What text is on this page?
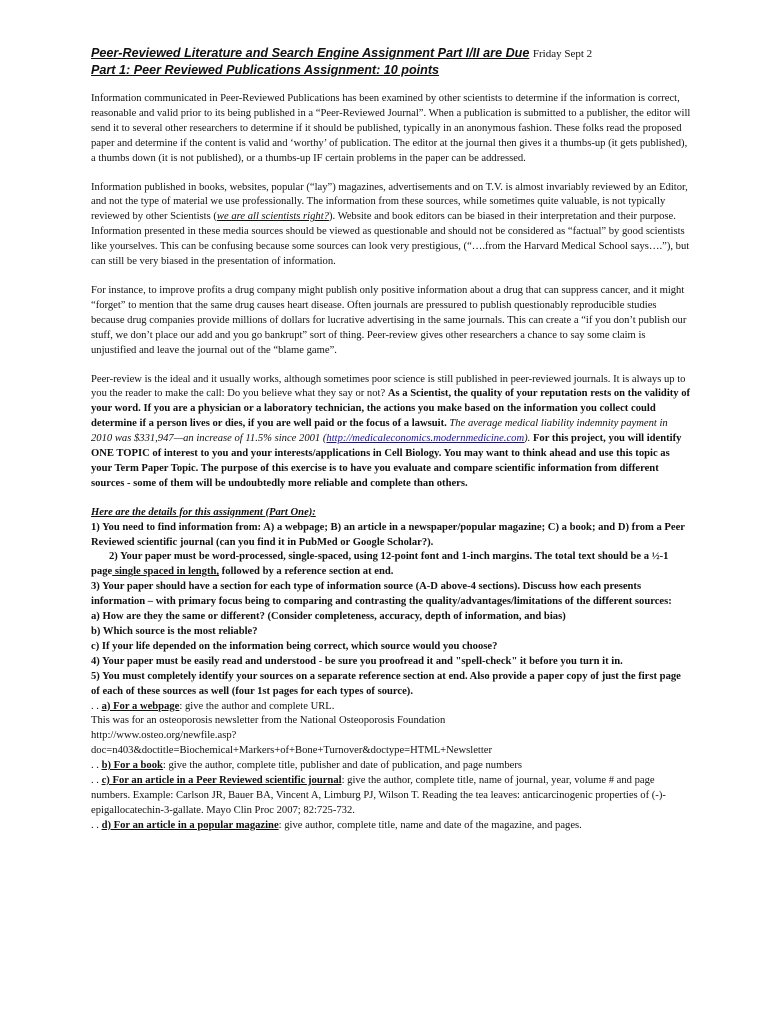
Peer-Reviewed Literature and Search Engine Assignment Part I/II are Due Friday Sept 2
Part 1: Peer Reviewed Publications Assignment: 10 points

Information communicated in Peer-Reviewed Publications has been examined by other scientists to determine if the information is correct, reasonable and valid prior to its being published in a “Peer-Reviewed Journal”. When a publication is submitted to a publisher, the editor will send it to several other researchers to determine if it should be published, typically in an anonymous fashion. These folks read the proposed paper and determine if the content is valid and ‘worthy’ of publication. The editor at the journal then gives it a thumbs-up (it gets published), a thumbs down (it is not published), or a thumbs-up IF certain problems in the paper can be addressed.

Information published in books, websites, popular (“lay”) magazines, advertisements and on T.V. is almost invariably reviewed by an Editor, and not the type of material we use professionally. The information from these sources, while sometimes quite valuable, is not typically reviewed by other Scientists (we are all scientists right?). Website and book editors can be biased in their interpretation and their purpose. Information presented in these media sources should be viewed as questionable and should not be considered as “factual” by good scientists like yourselves. This can be confusing because some sources can look very prestigious, (“….from the Harvard Medical School says….”), but can still be very biased in the presentation of information.

For instance, to improve profits a drug company might publish only positive information about a drug that can suppress cancer, and it might “forget” to mention that the same drug causes heart disease. Often journals are pressured to publish questionably reproducible studies because drug companies provide millions of dollars for lucrative advertising in the same journals. This can create a “if you don’t publish our stuff, we don’t place our add and you go bankrupt” sort of thing. Peer-review gives other researchers a chance to say some claim is unjustified and leave the journal out of the “blame game”.

Peer-review is the ideal and it usually works, although sometimes poor science is still published in peer-reviewed journals. It is always up to you the reader to make the call: Do you believe what they say or not? As a Scientist, the quality of your reputation rests on the validity of your word. If you are a physician or a laboratory technician, the actions you make based on the information you collect could determine if a person lives or dies, if you are well paid or the focus of a lawsuit. The average medical liability indemnity payment in 2010 was $331,947—an increase of 11.5% since 2001 (http://medicaleconomics.modernmedicine.com). For this project, you will identify ONE TOPIC of interest to you and your interests/applications in Cell Biology. You may want to think ahead and use this topic as your Term Paper Topic. The purpose of this exercise is to have you evaluate and compare scientific information from different sources - some of them will be undoubtedly more reliable and complete than others.

Here are the details for this assignment (Part One):
1) You need to find information from: A) a webpage; B) an article in a newspaper/popular magazine; C) a book; and D) from a Peer Reviewed scientific journal (can you find it in PubMed or Google Scholar?).
2) Your paper must be word-processed, single-spaced, using 12-point font and 1-inch margins. The total text should be a ½-1 page single spaced in length, followed by a reference section at end.
3) Your paper should have a section for each type of information source (A-D above-4 sections). Discuss how each presents information – with primary focus being to comparing and contrasting the quality/advantages/limitations of the different sources:
a) How are they the same or different? (Consider completeness, accuracy, depth of information, and bias)
b) Which source is the most reliable?
c) If your life depended on the information being correct, which source would you choose?
4) Your paper must be easily read and understood - be sure you proofread it and "spell-check" it before you turn it in.
5) You must completely identify your sources on a separate reference section at end. Also provide a paper copy of just the first page of each of these sources as well (four 1st pages for each types of source).
. . a) For a webpage: give the author and complete URL.
This was for an osteoporosis newsletter from the National Osteoporosis Foundation
http://www.osteo.org/newfile.asp?
doc=n403&doctitle=Biochemical+Markers+of+Bone+Turnover&doctype=HTML+Newsletter
. . b) For a book: give the author, complete title, publisher and date of publication, and page numbers
. . c) For an article in a Peer Reviewed scientific journal: give the author, complete title, name of journal, year, volume # and page numbers. Example: Carlson JR, Bauer BA, Vincent A, Limburg PJ, Wilson T. Reading the tea leaves: anticarcinogenic properties of (-)-epigallocatechin-3-gallate. Mayo Clin Proc 2007; 82:725-732.
. . d) For an article in a popular magazine: give author, complete title, name and date of the magazine, and pages.
